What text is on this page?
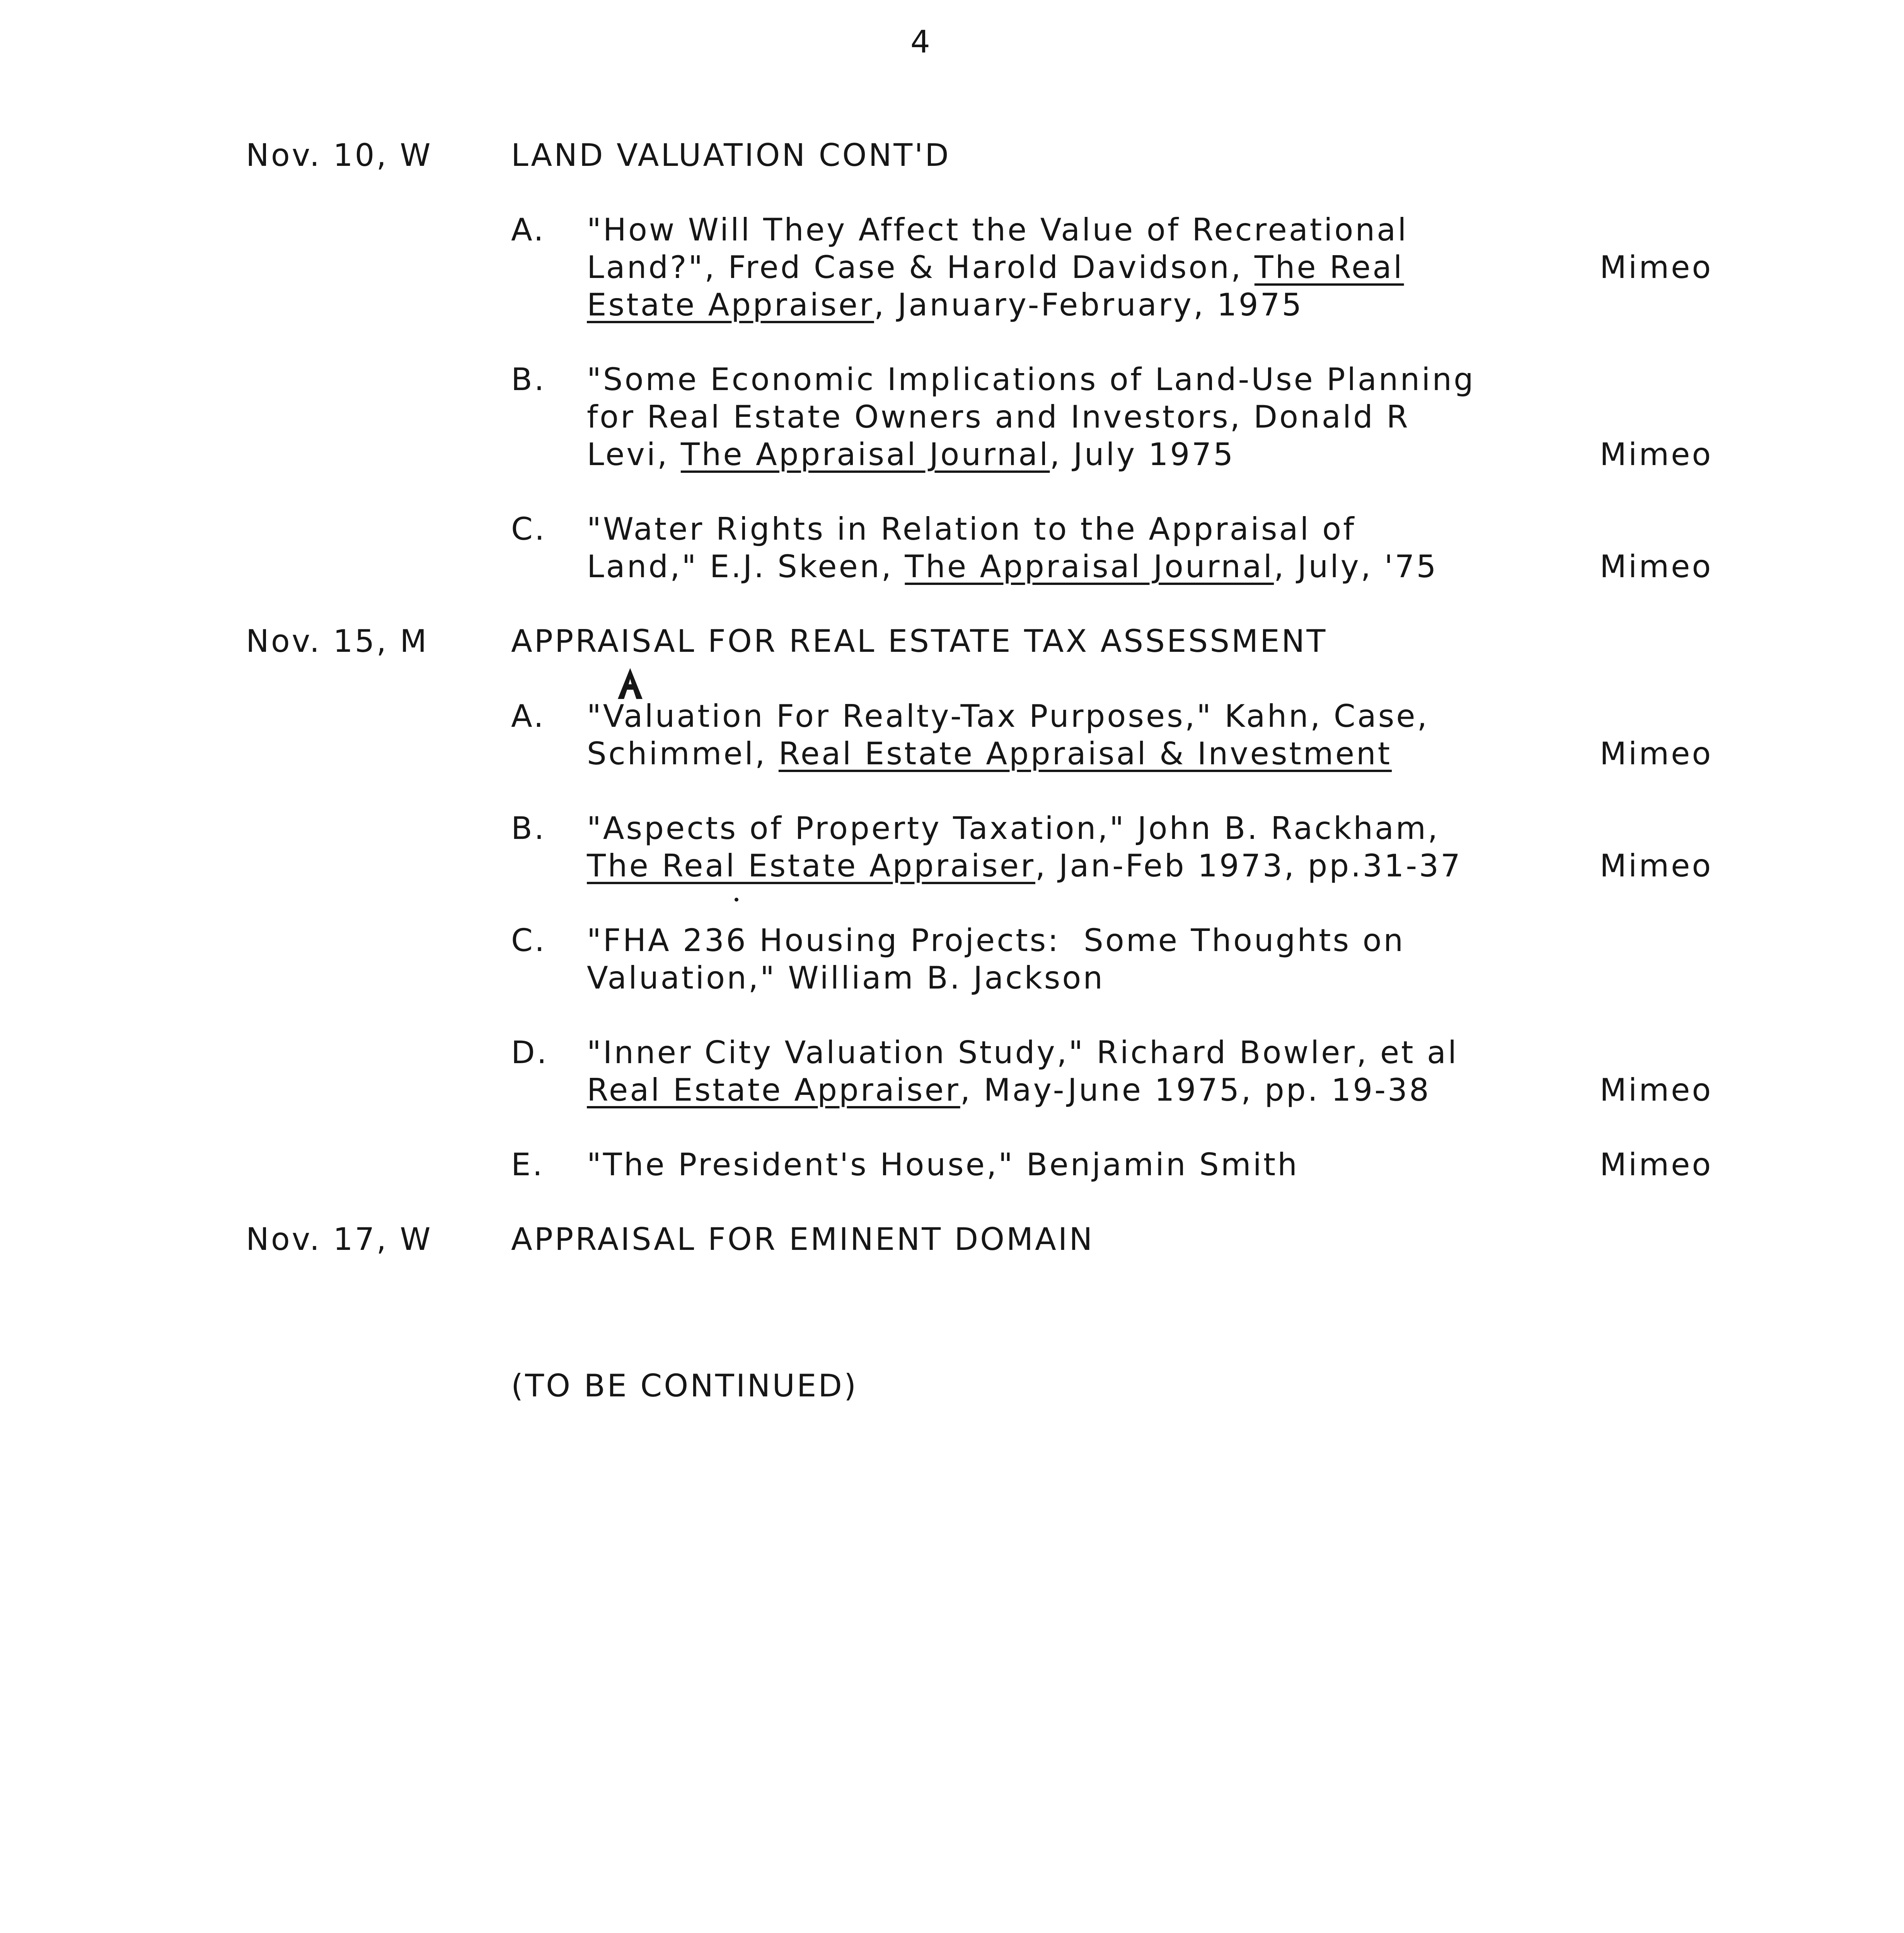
4
Nov. 10, W	LAND VALUATION CONT'D
A. "How Will They Affect the Value of Recreational
Land?", Fred Case & Harold Davidson, The Real
Estate Appraiser, January-February, 1975
Mimeo
B. "Some Economic Implications of Land-Use Planning
for Real Estate Owners and Investors, Donald R
Levi, The Appraisal Journal, July 1975	Mimeo
C. "Water Rights in Relation to the Appraisal of
Land," E.J. Skeen, The Appraisal Journal, July, '75	Mimeo
Nov. 15, M	APPRAISAL FOR REAL ESTATE TAX ASSESSMENT
A. "Valuation For Realty-Tax Purposes," Kahn, Case,
Schimmel, Real Estate Appraisal & Investment	Mimeo
B. "Aspects of Property Taxation," John B. Rackham,
The Real Estate Appraiser, Jan-Feb 1973, pp.31-37	Mimeo
C. "FHA 236 Housing Projects:  Some Thoughts on
Valuation," William B. Jackson
D. "Inner City Valuation Study," Richard Bowler, et al
Real Estate Appraiser, May-June 1975, pp. 19-38	Mimeo
E. "The President's House," Benjamin Smith	Mimeo
Nov. 17, W	APPRAISAL FOR EMINENT DOMAIN
(TO BE CONTINUED)
